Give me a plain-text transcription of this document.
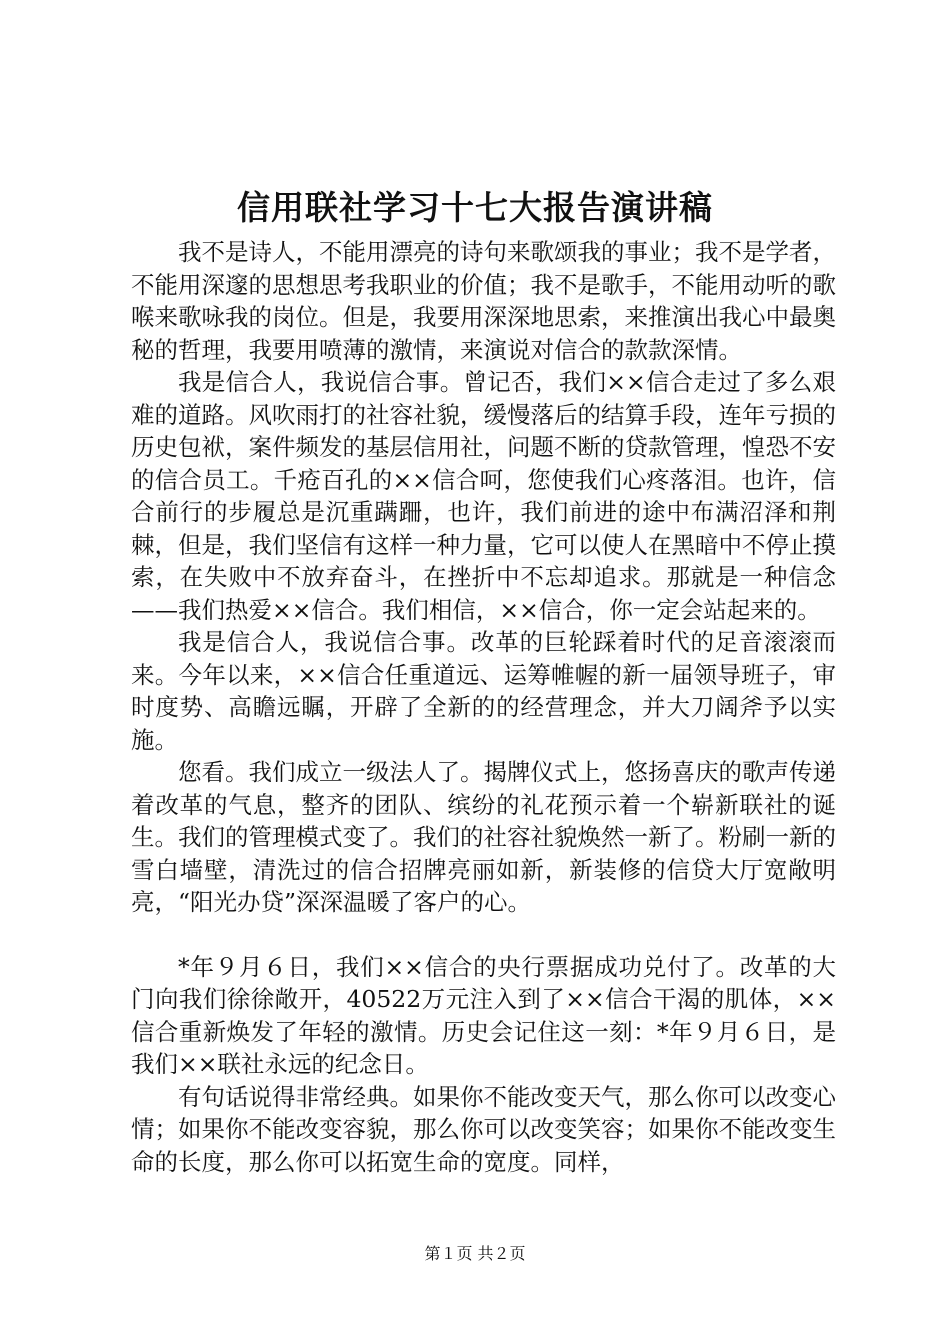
信用联社学习十七大报告演讲稿

我不是诗人，不能用漂亮的诗句来歌颂我的事业；我不是学者，不能用深邃的思想思考我职业的价值；我不是歌手，不能用动听的歌喉来歌咏我的岗位。但是，我要用深深地思索，来推演出我心中最奥秘的哲理，我要用喷薄的激情，来演说对信合的款款深情。

我是信合人，我说信合事。曾记否，我们××信合走过了多么艰难的道路。风吹雨打的社容社貌，缓慢落后的结算手段，连年亏损的历史包袱，案件频发的基层信用社，问题不断的贷款管理，惶恐不安的信合员工。千疮百孔的××信合呵，您使我们心疼落泪。也许，信合前行的步履总是沉重蹒跚，也许，我们前进的途中布满沼泽和荆棘，但是，我们坚信有这样一种力量，它可以使人在黑暗中不停止摸索，在失败中不放弃奋斗，在挫折中不忘却追求。那就是一种信念——我们热爱××信合。我们相信，××信合，你一定会站起来的。

我是信合人，我说信合事。改革的巨轮踩着时代的足音滚滚而来。今年以来，××信合任重道远、运筹帷幄的新一届领导班子，审时度势、高瞻远瞩，开辟了全新的的经营理念，并大刀阔斧予以实施。

您看。我们成立一级法人了。揭牌仪式上，悠扬喜庆的歌声传递着改革的气息，整齐的团队、缤纷的礼花预示着一个崭新联社的诞生。我们的管理模式变了。我们的社容社貌焕然一新了。粉刷一新的雪白墙壁，清洗过的信合招牌亮丽如新，新装修的信贷大厅宽敞明亮，“阳光办贷”深深温暖了客户的心。

*年９月６日，我们××信合的央行票据成功兑付了。改革的大门向我们徐徐敞开，40522万元注入到了××信合干渴的肌体，××信合重新焕发了年轻的激情。历史会记住这一刻：*年９月６日，是我们××联社永远的纪念日。

有句话说得非常经典。如果你不能改变天气，那么你可以改变心情；如果你不能改变容貌，那么你可以改变笑容；如果你不能改变生命的长度，那么你可以拓宽生命的宽度。同样，

第１页 共２页
